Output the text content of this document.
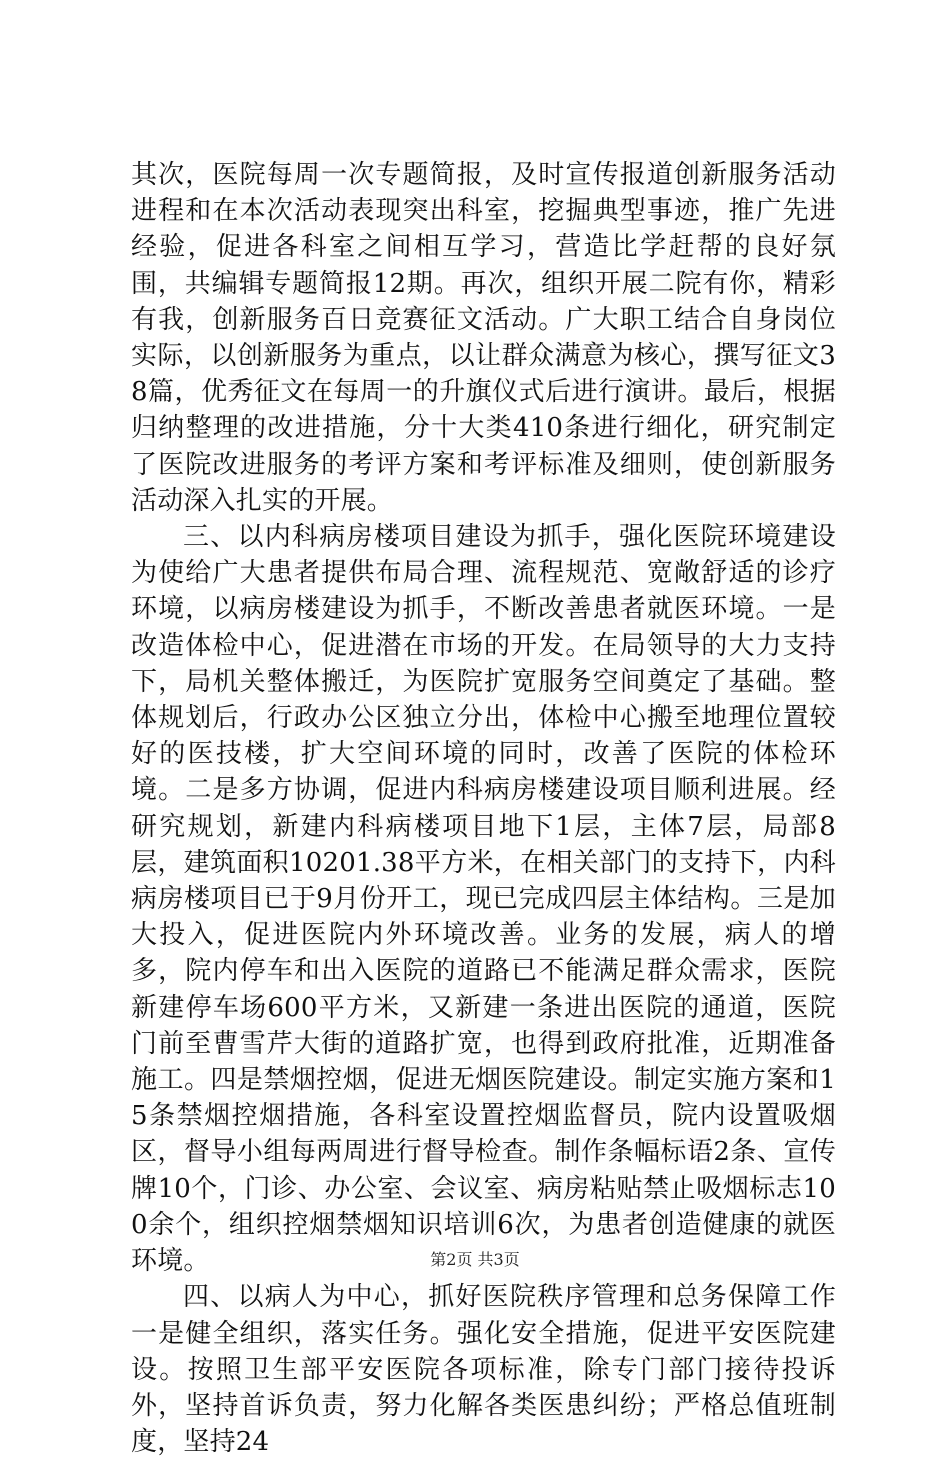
其次，医院每周一次专题简报，及时宣传报道创新服务活动进程和在本次活动表现突出科室，挖掘典型事迹，推广先进经验，促进各科室之间相互学习，营造比学赶帮的良好氛围，共编辑专题简报12期。再次，组织开展二院有你，精彩有我，创新服务百日竞赛征文活动。广大职工结合自身岗位实际，以创新服务为重点，以让群众满意为核心，撰写征文38篇，优秀征文在每周一的升旗仪式后进行演讲。最后，根据归纳整理的改进措施，分十大类410条进行细化，研究制定了医院改进服务的考评方案和考评标准及细则，使创新服务活动深入扎实的开展。

三、以内科病房楼项目建设为抓手，强化医院环境建设为使给广大患者提供布局合理、流程规范、宽敞舒适的诊疗环境，以病房楼建设为抓手，不断改善患者就医环境。一是改造体检中心，促进潜在市场的开发。在局领导的大力支持下，局机关整体搬迁，为医院扩宽服务空间奠定了基础。整体规划后，行政办公区独立分出，体检中心搬至地理位置较好的医技楼，扩大空间环境的同时，改善了医院的体检环境。二是多方协调，促进内科病房楼建设项目顺利进展。经研究规划，新建内科病楼项目地下1层，主体7层，局部8层，建筑面积10201.38平方米，在相关部门的支持下，内科病房楼项目已于9月份开工，现已完成四层主体结构。三是加大投入，促进医院内外环境改善。业务的发展，病人的增多，院内停车和出入医院的道路已不能满足群众需求，医院新建停车场600平方米，又新建一条进出医院的通道，医院门前至曹雪芹大街的道路扩宽，也得到政府批准，近期准备施工。四是禁烟控烟，促进无烟医院建设。制定实施方案和15条禁烟控烟措施，各科室设置控烟监督员，院内设置吸烟区，督导小组每两周进行督导检查。制作条幅标语2条、宣传牌10个，门诊、办公室、会议室、病房粘贴禁止吸烟标志100余个，组织控烟禁烟知识培训6次，为患者创造健康的就医环境。

四、以病人为中心，抓好医院秩序管理和总务保障工作一是健全组织，落实任务。强化安全措施，促进平安医院建设。按照卫生部平安医院各项标准，除专门部门接待投诉外，坚持首诉负责，努力化解各类医患纠纷；严格总值班制度，坚持24

第2页 共3页
